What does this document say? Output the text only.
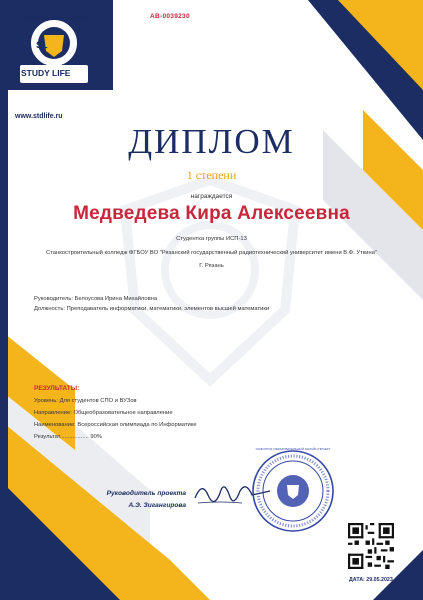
SL
STUDY LIFE
ОБРАЗОВАТЕЛЬНЫЙ ОНЛАЙН ПРОЕКТ	АВ-0039230
www.stdlife.ru
ДИПЛОМ
1 степени
награждается
Медведева Кира Алексеевна
Студентка группы ИСП-13
Станкостроительный колледж ФГБОУ ВО "Рязанский государственный радиотехнический университет имени В.Ф. Уткина"
Г. Рязань
Руководитель: Белоусова Ирина Михайловна
Должность: Преподаватель информатики, математики, элементов высшей математики
РЕЗУЛЬТАТЫ:
Уровень: Для студентов СПО и ВУЗов
Направление: Общеобразовательное направление
Наименование: Всероссийская олимпиада по Информатике
Результат.................. 90%
Руководитель проекта
А.Э. Зигангирова
ИНФОУРОК ОБРАЗОВАТЕЛЬНЫЙ ОНЛАЙН ПРОЕКТ
ДАТА: 29.05.2023
